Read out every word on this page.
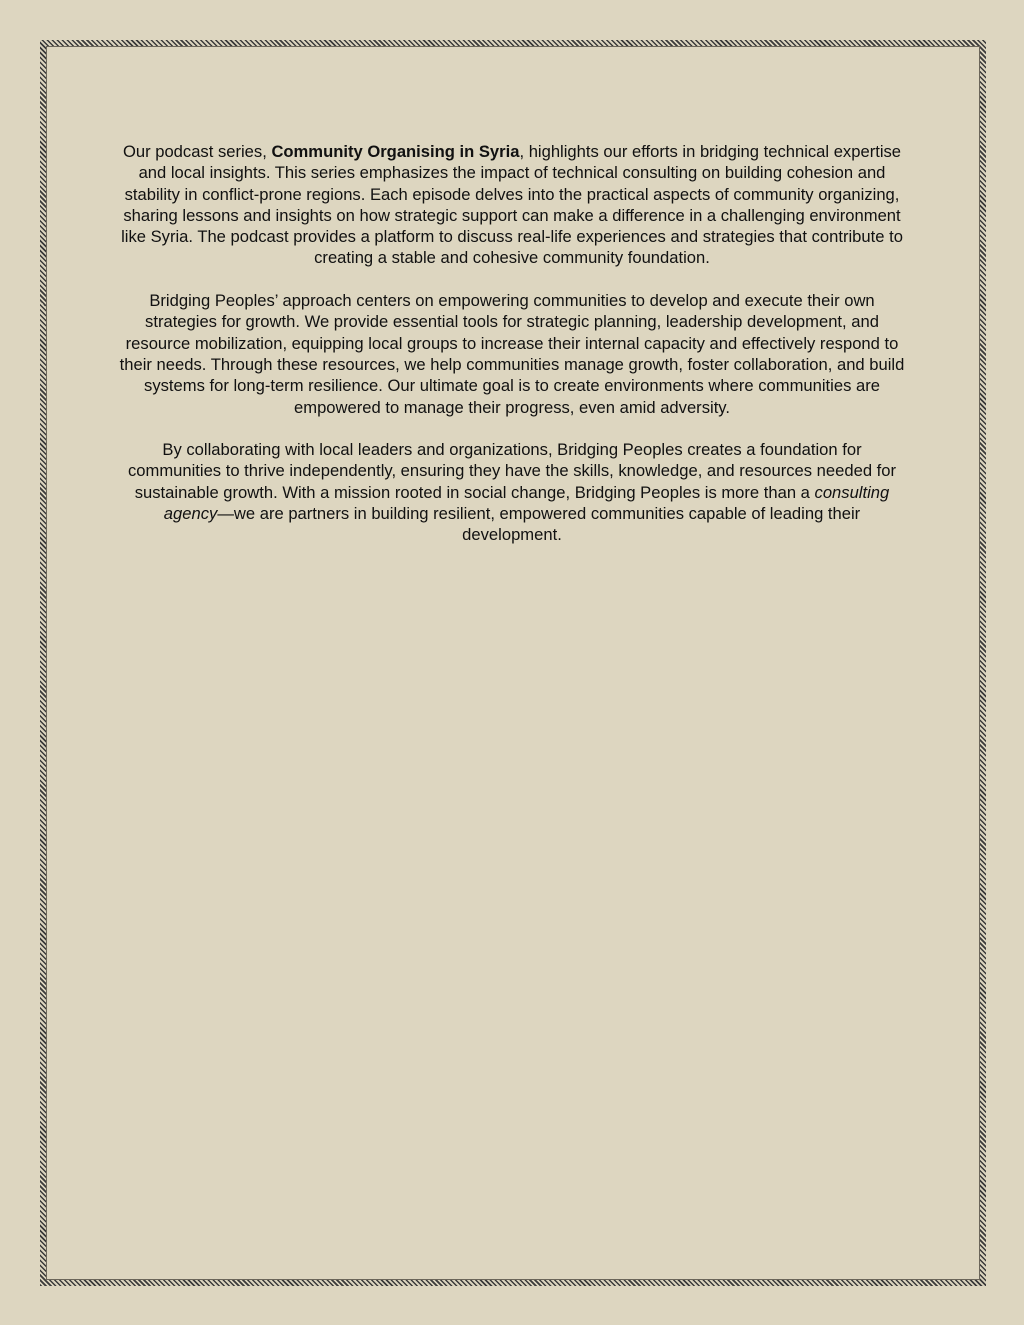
Our podcast series, Community Organising in Syria, highlights our efforts in bridging technical expertise and local insights. This series emphasizes the impact of technical consulting on building cohesion and stability in conflict-prone regions. Each episode delves into the practical aspects of community organizing, sharing lessons and insights on how strategic support can make a difference in a challenging environment like Syria. The podcast provides a platform to discuss real-life experiences and strategies that contribute to creating a stable and cohesive community foundation.

Bridging Peoples’ approach centers on empowering communities to develop and execute their own strategies for growth. We provide essential tools for strategic planning, leadership development, and resource mobilization, equipping local groups to increase their internal capacity and effectively respond to their needs. Through these resources, we help communities manage growth, foster collaboration, and build systems for long-term resilience. Our ultimate goal is to create environments where communities are empowered to manage their progress, even amid adversity.

By collaborating with local leaders and organizations, Bridging Peoples creates a foundation for communities to thrive independently, ensuring they have the skills, knowledge, and resources needed for sustainable growth. With a mission rooted in social change, Bridging Peoples is more than a consulting agency—we are partners in building resilient, empowered communities capable of leading their development.
